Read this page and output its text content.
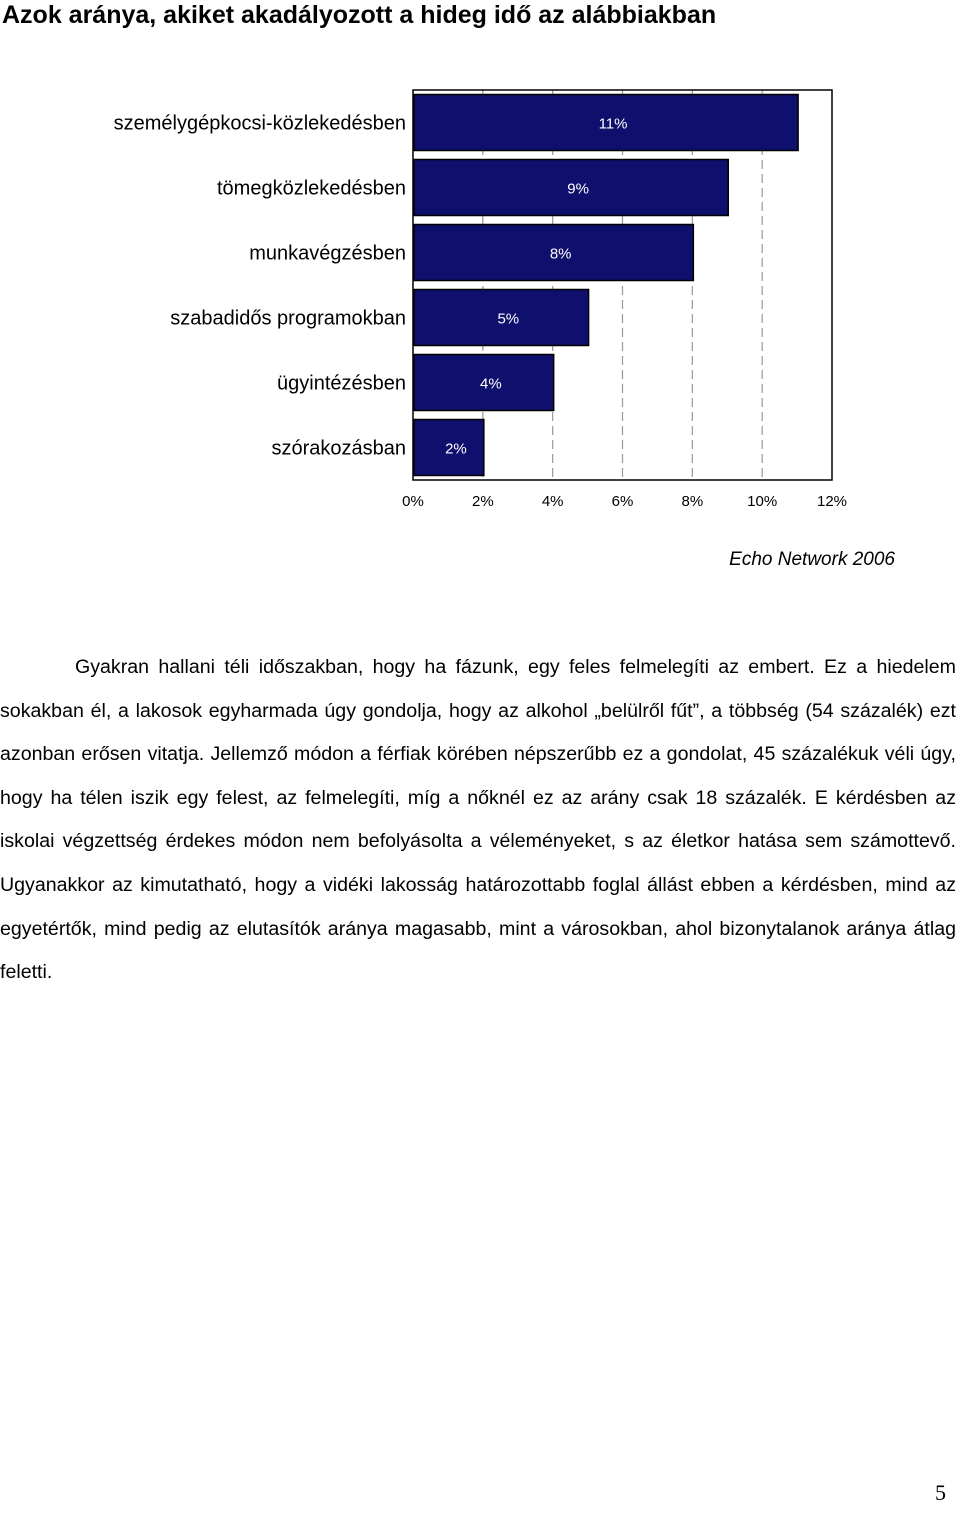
Azok aránya, akiket akadályozott a hideg idő az alábbiakban
11%
személygépkocsi-közlekedésben
9%
tömegközlekedésben
8%
munkavégzésben
5%
szabadidős programokban
4%
ügyintézésben
2%
szórakozásban
0%	2%	4%	6%	8%	10%	12%
Echo Network 2006

Gyakran hallani téli időszakban, hogy ha fázunk, egy feles felmelegíti az embert. Ez a hiedelem sokakban él, a lakosok egyharmada úgy gondolja, hogy az alkohol „belülről fűt”, a többség (54 százalék) ezt azonban erősen vitatja. Jellemző módon a férfiak körében népszerűbb ez a gondolat, 45 százalékuk véli úgy, hogy ha télen iszik egy felest, az felmelegíti, míg a nőknél ez az arány csak 18 százalék. E kérdésben az iskolai végzettség érdekes módon nem befolyásolta a véleményeket, s az életkor hatása sem számottevő. Ugyanakkor az kimutatható, hogy a vidéki lakosság határozottabb foglal állást ebben a kérdésben, mind az egyetértők, mind pedig az elutasítók aránya magasabb, mint a városokban, ahol bizonytalanok aránya átlag feletti.

5
